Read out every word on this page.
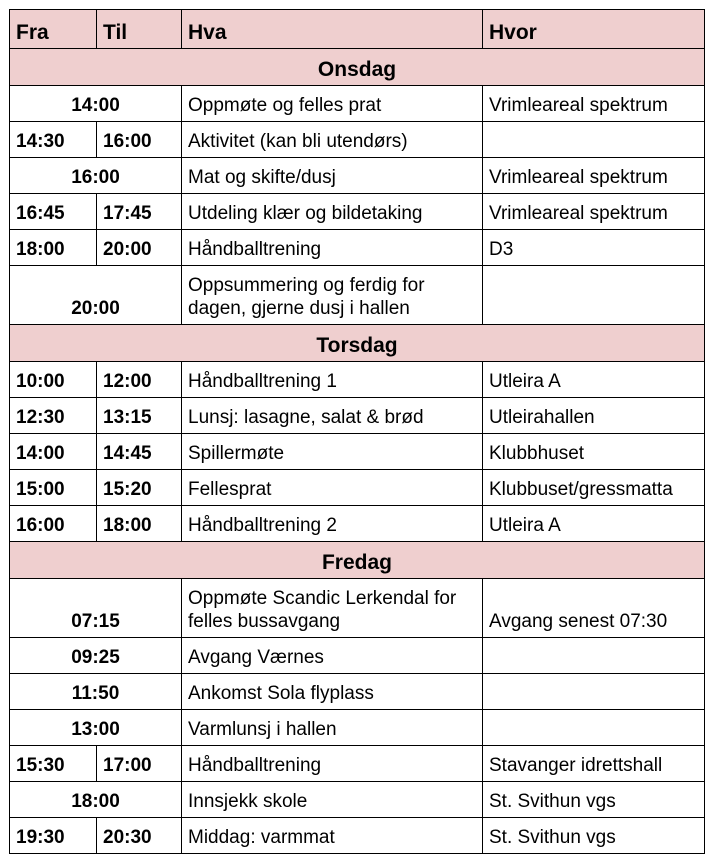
Fra	Til	Hva	Hvor
Onsdag			
14:00		Oppmøte og felles prat	Vrimleareal spektrum
14:30	16:00	Aktivitet (kan bli utendørs)	
16:00		Mat og skifte/dusj	Vrimleareal spektrum
16:45	17:45	Utdeling klær og bildetaking	Vrimleareal spektrum
18:00	20:00	Håndballtrening	D3
20:00		Oppsummering og ferdig for dagen, gjerne dusj i hallen	
Torsdag			
10:00	12:00	Håndballtrening 1	Utleira A
12:30	13:15	Lunsj: lasagne, salat & brød	Utleirahallen
14:00	14:45	Spillermøte	Klubbhuset
15:00	15:20	Fellesprat	Klubbuset/gressmatta
16:00	18:00	Håndballtrening 2	Utleira A
Fredag			
07:15		Oppmøte Scandic Lerkendal for felles bussavgang	Avgang senest 07:30
09:25		Avgang Værnes	
11:50		Ankomst Sola flyplass	
13:00		Varmlunsj i hallen	
15:30	17:00	Håndballtrening	Stavanger idrettshall
18:00		Innsjekk skole	St. Svithun vgs
19:30	20:30	Middag: varmmat	St. Svithun vgs
